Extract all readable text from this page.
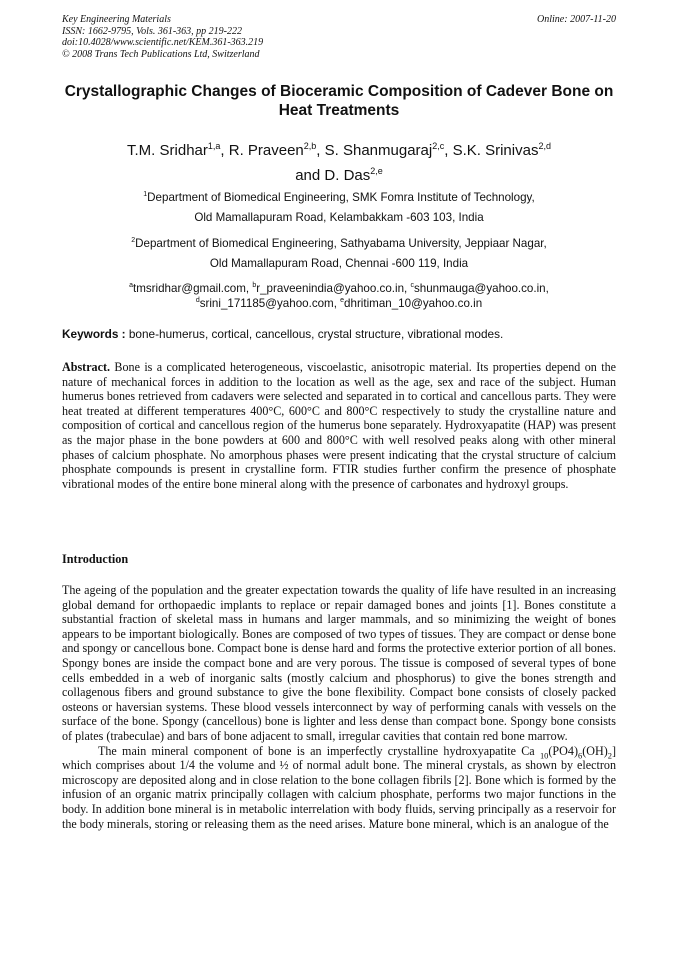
Key Engineering Materials
ISSN: 1662-9795, Vols. 361-363, pp 219-222
doi:10.4028/www.scientific.net/KEM.361-363.219
© 2008 Trans Tech Publications Ltd, Switzerland
Online: 2007-11-20
Crystallographic Changes of Bioceramic Composition of Cadever Bone on Heat Treatments
T.M. Sridhar$^{1,a}$, R. Praveen$^{2,b}$, S. Shanmugaraj$^{2,c}$, S.K. Srinivas$^{2,d}$
and D. Das$^{2,e}$
$^1$Department of Biomedical Engineering, SMK Fomra Institute of Technology,
Old Mamallapuram Road, Kelambakkam -603 103, India
$^2$Department of Biomedical Engineering, Sathyabama University, Jeppiaar Nagar,
Old Mamallapuram Road, Chennai -600 119, India
$^a$tmsridhar@gmail.com, $^b$r_praveenindia@yahoo.co.in, $^c$shunmauga@yahoo.co.in,
$^d$srini_171185@yahoo.com, $^e$dhritiman_10@yahoo.co.in
Keywords : bone-humerus, cortical, cancellous, crystal structure, vibrational modes.
Abstract. Bone is a complicated heterogeneous, viscoelastic, anisotropic material. Its properties depend on the nature of mechanical forces in addition to the location as well as the age, sex and race of the subject. Human humerus bones retrieved from cadavers were selected and separated in to cortical and cancellous parts. They were heat treated at different temperatures 400°C, 600°C and 800°C respectively to study the crystalline nature and composition of cortical and cancellous region of the humerus bone separately. Hydroxyapatite (HAP) was present as the major phase in the bone powders at 600 and 800°C with well resolved peaks along with other mineral phases of calcium phosphate. No amorphous phases were present indicating that the crystal structure of calcium phosphate compounds is present in crystalline form. FTIR studies further confirm the presence of phosphate vibrational modes of the entire bone mineral along with the presence of carbonates and hydroxyl groups.
Introduction

The ageing of the population and the greater expectation towards the quality of life have resulted in an increasing global demand for orthopaedic implants to replace or repair damaged bones and joints [1]. Bones constitute a substantial fraction of skeletal mass in humans and larger mammals, and so minimizing the weight of bones appears to be important biologically. Bones are composed of two types of tissues. They are compact or dense bone and spongy or cancellous bone. Compact bone is dense hard and forms the protective exterior portion of all bones. Spongy bones are inside the compact bone and are very porous. The tissue is composed of several types of bone cells embedded in a web of inorganic salts (mostly calcium and phosphorus) to give the bones strength and collagenous fibers and ground substance to give the bone flexibility. Compact bone consists of closely packed osteons or haversian systems. These blood vessels interconnect by way of performing canals with vessels on the surface of the bone. Spongy (cancellous) bone is lighter and less dense than compact bone. Spongy bone consists of plates (trabeculae) and bars of bone adjacent to small, irregular cavities that contain red bone marrow.

The main mineral component of bone is an imperfectly crystalline hydroxyapatite Ca $_{10}(PO4)_6(OH)_2$] which comprises about 1/4 the volume and ½ of normal adult bone. The mineral crystals, as shown by electron microscopy are deposited along and in close relation to the bone collagen fibrils [2]. Bone which is formed by the infusion of an organic matrix principally collagen with calcium phosphate, performs two major functions in the body. In addition bone mineral is in metabolic interrelation with body fluids, serving principally as a reservoir for the body minerals, storing or releasing them as the need arises. Mature bone mineral, which is an analogue of the
